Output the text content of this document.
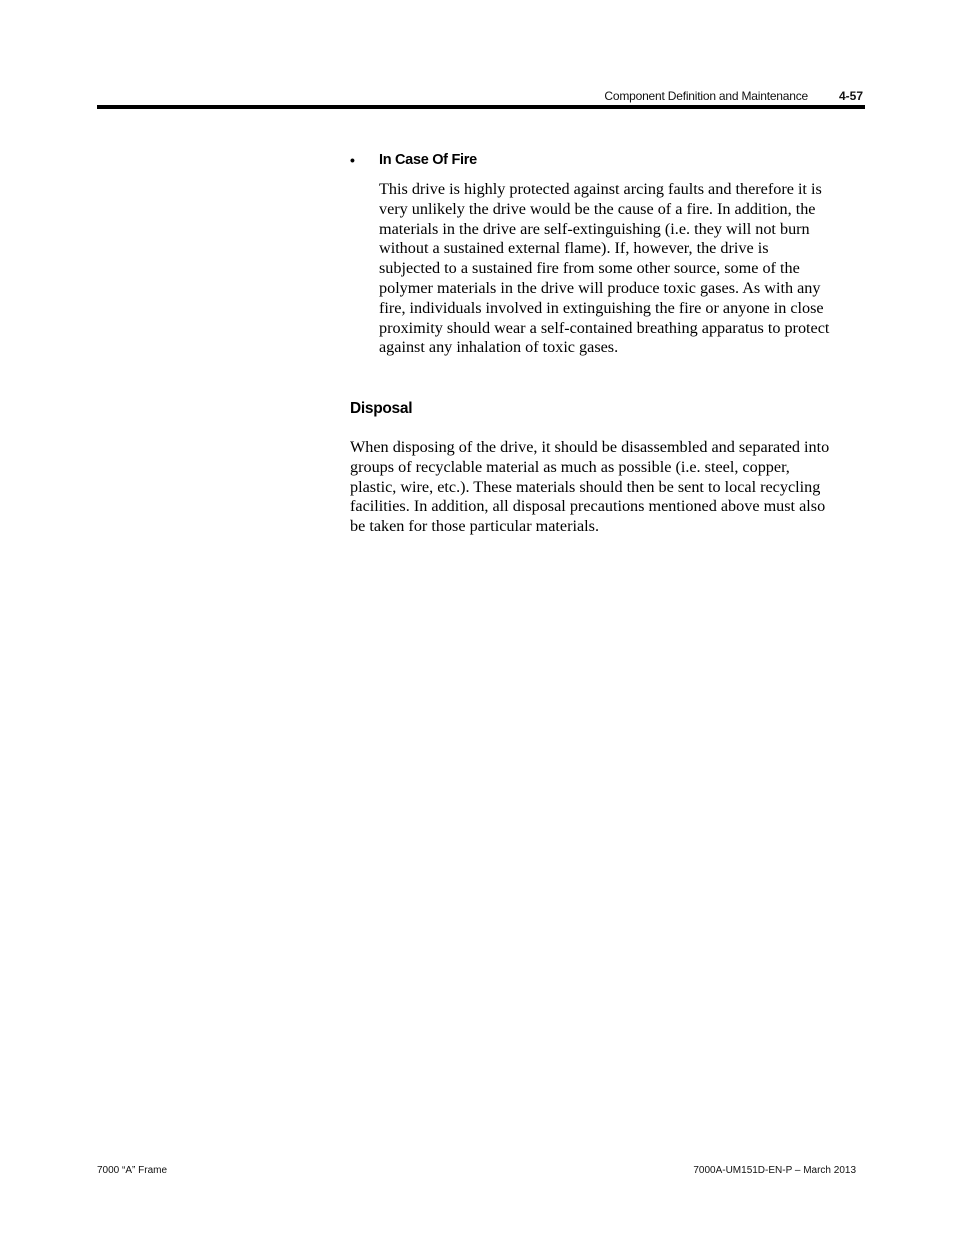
Component Definition and Maintenance	4-57
• In Case Of Fire

This drive is highly protected against arcing faults and therefore it is
very unlikely the drive would be the cause of a fire. In addition, the
materials in the drive are self-extinguishing (i.e. they will not burn
without a sustained external flame). If, however, the drive is
subjected to a sustained fire from some other source, some of the
polymer materials in the drive will produce toxic gases. As with any
fire, individuals involved in extinguishing the fire or anyone in close
proximity should wear a self-contained breathing apparatus to protect
against any inhalation of toxic gases.

Disposal

When disposing of the drive, it should be disassembled and separated into
groups of recyclable material as much as possible (i.e. steel, copper,
plastic, wire, etc.). These materials should then be sent to local recycling
facilities. In addition, all disposal precautions mentioned above must also
be taken for those particular materials.

7000 “A” Frame	7000A-UM151D-EN-P – March 2013
